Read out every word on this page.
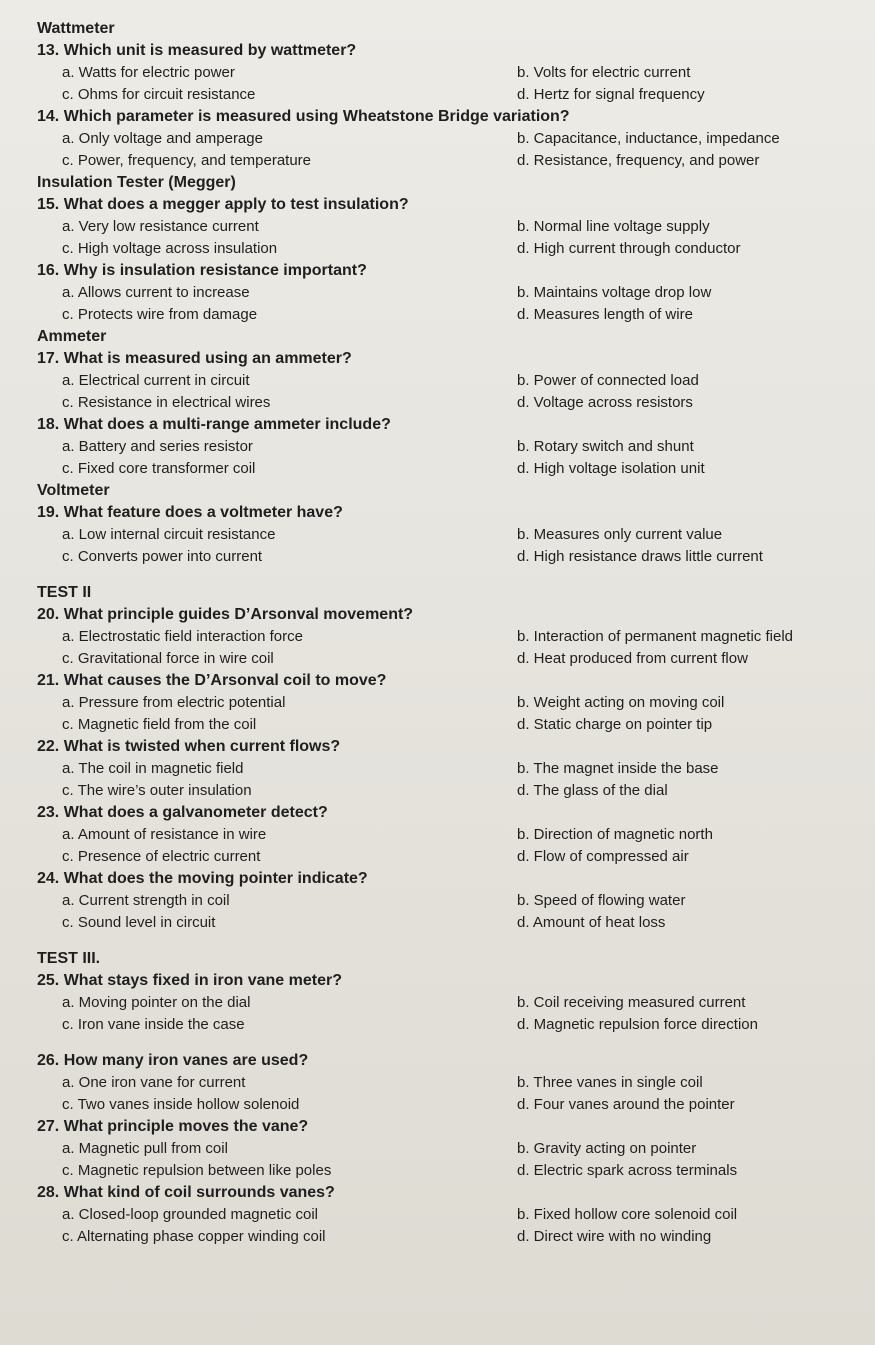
Wattmeter
13. Which unit is measured by wattmeter?
a. Watts for electric power	b. Volts for electric current
c. Ohms for circuit resistance	d. Hertz for signal frequency
14. Which parameter is measured using Wheatstone Bridge variation?
a. Only voltage and amperage	b. Capacitance, inductance, impedance
c. Power, frequency, and temperature	d. Resistance, frequency, and power
Insulation Tester (Megger)
15. What does a megger apply to test insulation?
a. Very low resistance current	b. Normal line voltage supply
c. High voltage across insulation	d. High current through conductor
16. Why is insulation resistance important?
a. Allows current to increase	b. Maintains voltage drop low
c. Protects wire from damage	d. Measures length of wire
Ammeter
17. What is measured using an ammeter?
a. Electrical current in circuit	b. Power of connected load
c. Resistance in electrical wires	d. Voltage across resistors
18. What does a multi-range ammeter include?
a. Battery and series resistor	b. Rotary switch and shunt
c. Fixed core transformer coil	d. High voltage isolation unit
Voltmeter
19. What feature does a voltmeter have?
a. Low internal circuit resistance	b. Measures only current value
c. Converts power into current	d. High resistance draws little current
TEST II
20. What principle guides D’Arsonval movement?
a. Electrostatic field interaction force	b. Interaction of permanent magnetic field
c. Gravitational force in wire coil	d. Heat produced from current flow
21. What causes the D’Arsonval coil to move?
a. Pressure from electric potential	b. Weight acting on moving coil
c. Magnetic field from the coil	d. Static charge on pointer tip
22. What is twisted when current flows?
a. The coil in magnetic field	b. The magnet inside the base
c. The wire’s outer insulation	d. The glass of the dial
23. What does a galvanometer detect?
a. Amount of resistance in wire	b. Direction of magnetic north
c. Presence of electric current	d. Flow of compressed air
24. What does the moving pointer indicate?
a. Current strength in coil	b. Speed of flowing water
c. Sound level in circuit	d. Amount of heat loss
TEST III.
25. What stays fixed in iron vane meter?
a. Moving pointer on the dial	b. Coil receiving measured current
c. Iron vane inside the case	d. Magnetic repulsion force direction
26. How many iron vanes are used?
a. One iron vane for current	b. Three vanes in single coil
c. Two vanes inside hollow solenoid	d. Four vanes around the pointer
27. What principle moves the vane?
a. Magnetic pull from coil	b. Gravity acting on pointer
c. Magnetic repulsion between like poles	d. Electric spark across terminals
28. What kind of coil surrounds vanes?
a. Closed-loop grounded magnetic coil	b. Fixed hollow core solenoid coil
c. Alternating phase copper winding coil	d. Direct wire with no winding
